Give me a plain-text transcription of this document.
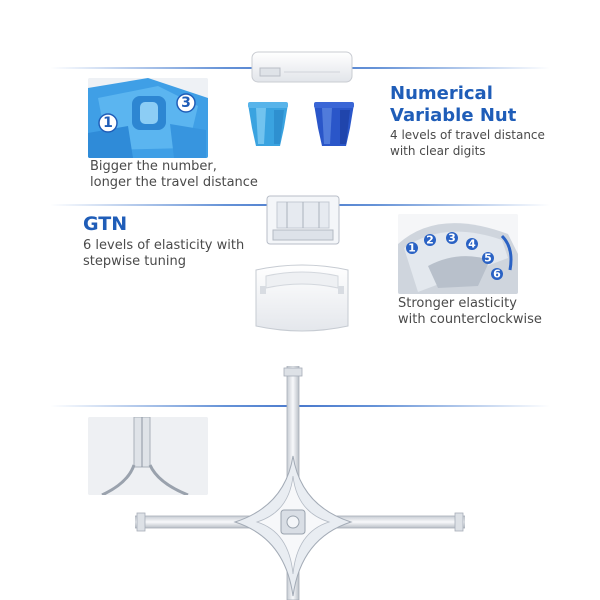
1
3	Numerical
Variable Nut

4 levels of travel distance
with clear digits

Bigger the number,
longer the travel distance

GTN

6 levels of elasticity with
stepwise tuning

1
2 3 4
5
6

Stronger elasticity
with counterclockwise
